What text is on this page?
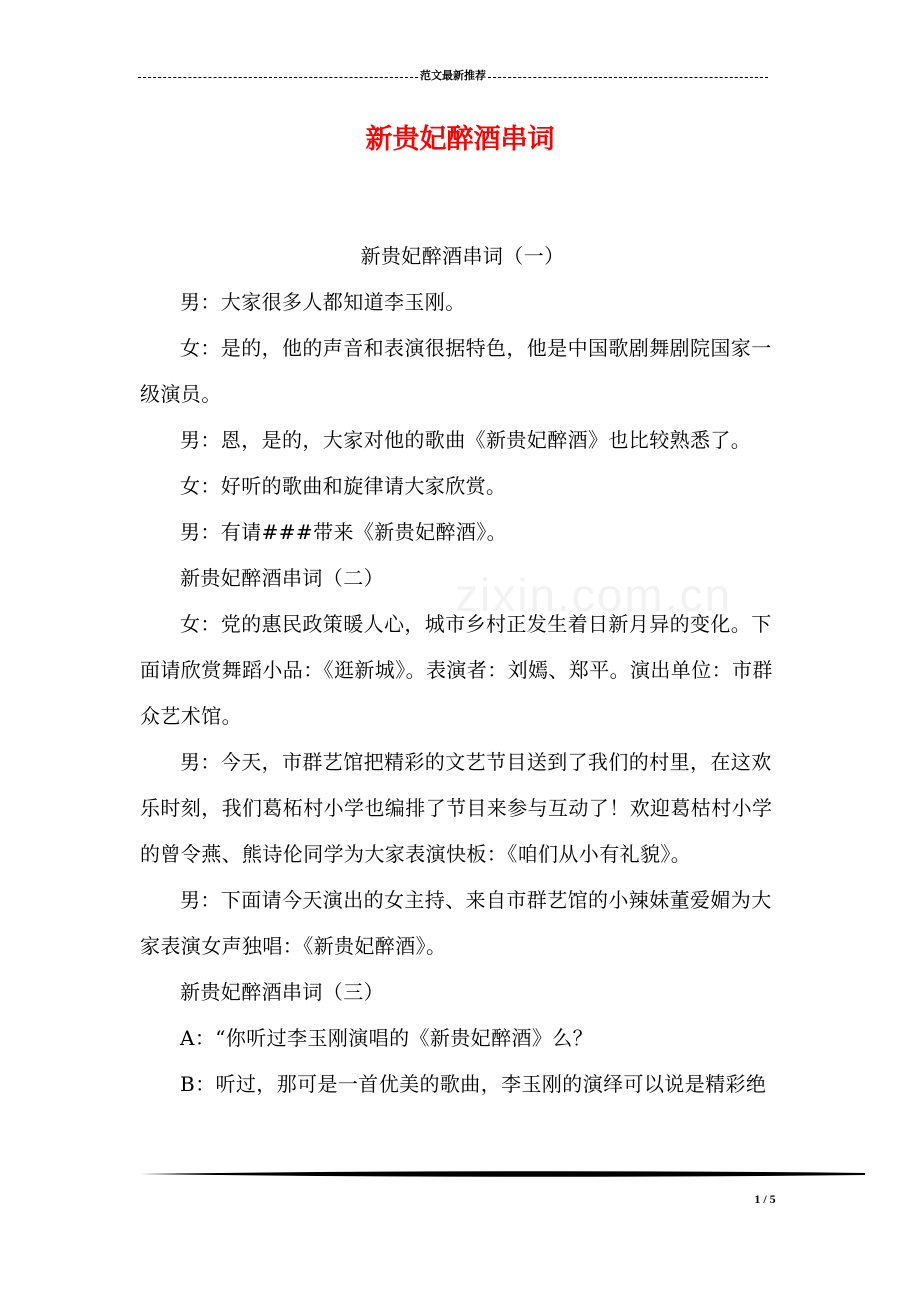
范文最新推荐
新贵妃醉酒串词
zixin.com.cn

新贵妃醉酒串词（一）

男：大家很多人都知道李玉刚。

女：是的，他的声音和表演很据特色，他是中国歌剧舞剧院国家一级演员。

男：恩，是的，大家对他的歌曲《新贵妃醉酒》也比较熟悉了。

女：好听的歌曲和旋律请大家欣赏。

男：有请###带来《新贵妃醉酒》。

新贵妃醉酒串词（二）

女：党的惠民政策暖人心，城市乡村正发生着日新月异的变化。下面请欣赏舞蹈小品：《逛新城》。表演者：刘嫣、郑平。演出单位：市群众艺术馆。

男：今天，市群艺馆把精彩的文艺节目送到了我们的村里，在这欢乐时刻，我们葛柘村小学也编排了节目来参与互动了！欢迎葛枯村小学的曾令燕、熊诗伦同学为大家表演快板：《咱们从小有礼貌》。

男：下面请今天演出的女主持、来自市群艺馆的小辣妹董爱媚为大家表演女声独唱：《新贵妃醉酒》。

新贵妃醉酒串词（三）

A：“你听过李玉刚演唱的《新贵妃醉酒》么？

B：听过，那可是一首优美的歌曲，李玉刚的演绎可以说是精彩绝

1 / 5
